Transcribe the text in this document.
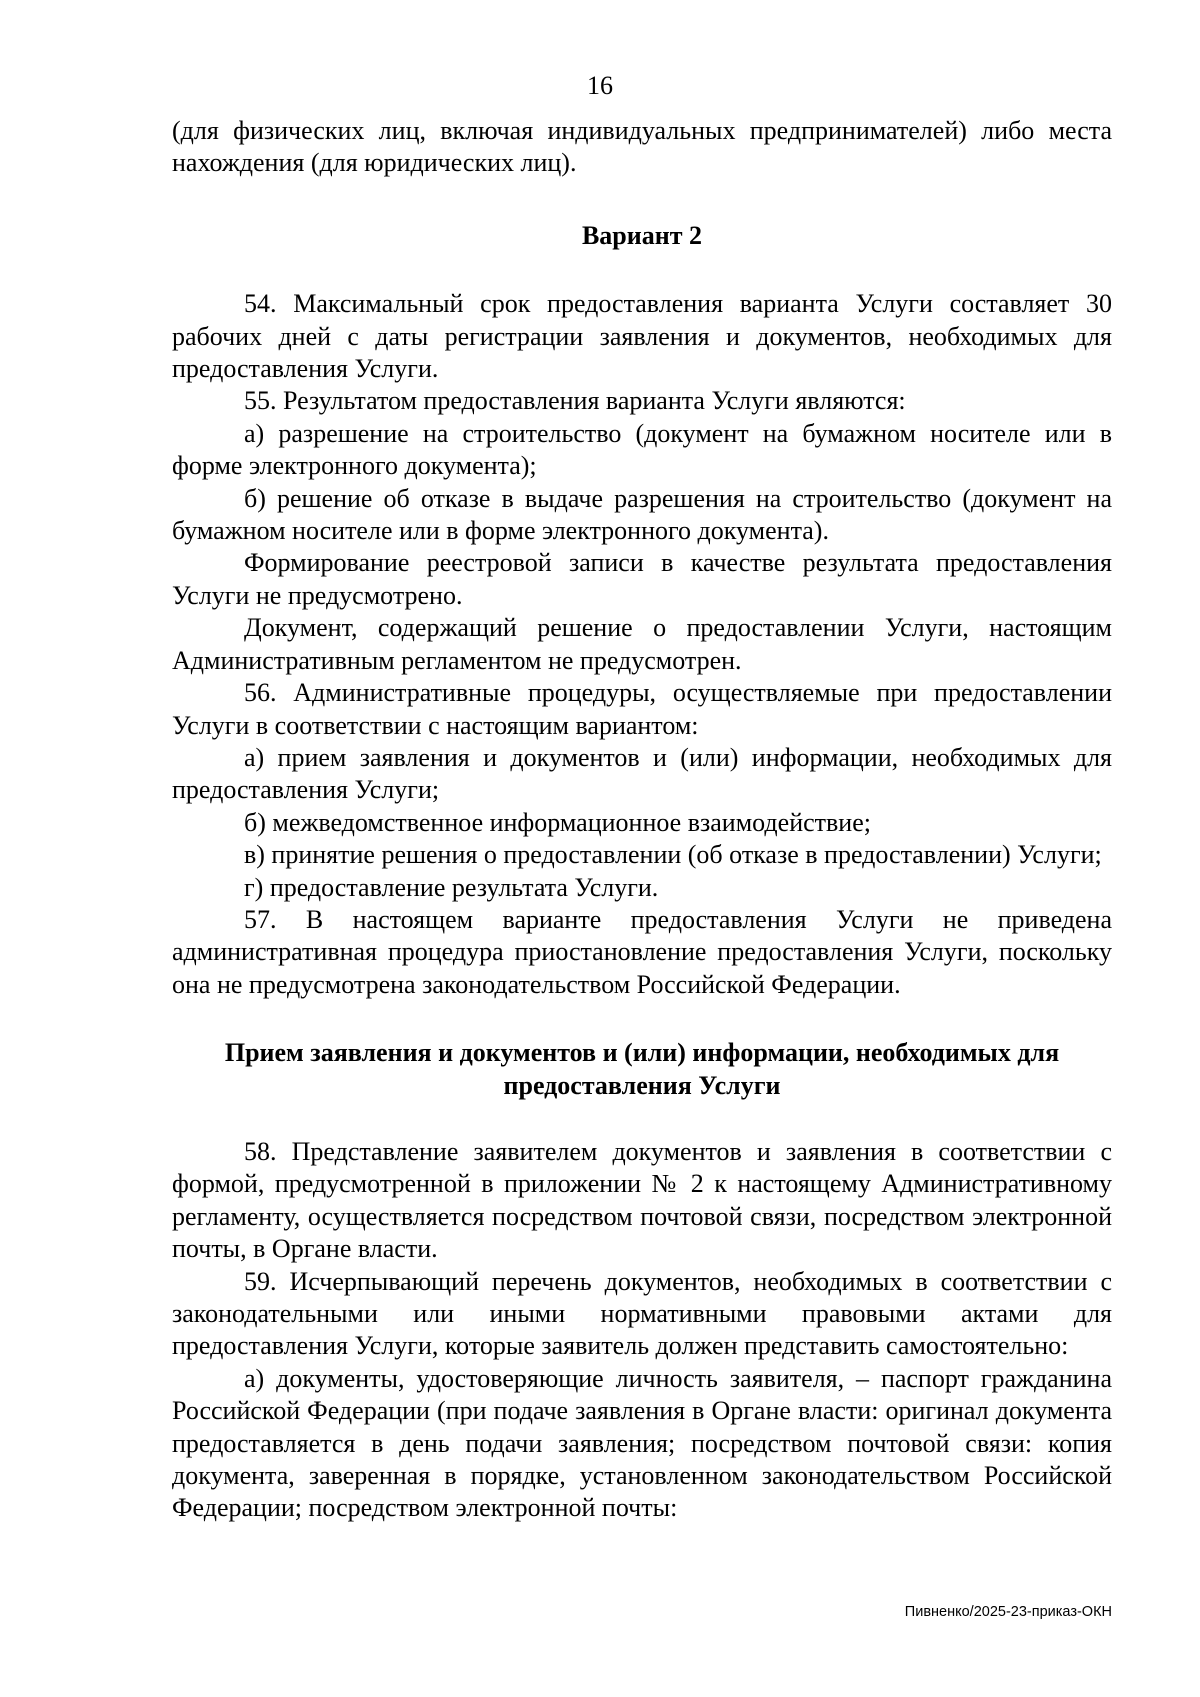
16

(для физических лиц, включая индивидуальных предпринимателей) либо места нахождения (для юридических лиц).

Вариант 2

54. Максимальный срок предоставления варианта Услуги составляет 30 рабочих дней с даты регистрации заявления и документов, необходимых для предоставления Услуги.

55. Результатом предоставления варианта Услуги являются:

а) разрешение на строительство (документ на бумажном носителе или в форме электронного документа);

б) решение об отказе в выдаче разрешения на строительство (документ на бумажном носителе или в форме электронного документа).

Формирование реестровой записи в качестве результата предоставления Услуги не предусмотрено.

Документ, содержащий решение о предоставлении Услуги, настоящим Административным регламентом не предусмотрен.

56. Административные процедуры, осуществляемые при предоставлении Услуги в соответствии с настоящим вариантом:

а) прием заявления и документов и (или) информации, необходимых для предоставления Услуги;

б) межведомственное информационное взаимодействие;

в) принятие решения о предоставлении (об отказе в предоставлении) Услуги;

г) предоставление результата Услуги.

57. В настоящем варианте предоставления Услуги не приведена административная процедура приостановление предоставления Услуги, поскольку она не предусмотрена законодательством Российской Федерации.

Прием заявления и документов и (или) информации, необходимых для предоставления Услуги

58. Представление заявителем документов и заявления в соответствии с формой, предусмотренной в приложении № 2 к настоящему Административному регламенту, осуществляется посредством почтовой связи, посредством электронной почты, в Органе власти.

59. Исчерпывающий перечень документов, необходимых в соответствии с законодательными или иными нормативными правовыми актами для предоставления Услуги, которые заявитель должен представить самостоятельно:

а) документы, удостоверяющие личность заявителя, – паспорт гражданина Российской Федерации (при подаче заявления в Органе власти: оригинал документа предоставляется в день подачи заявления; посредством почтовой связи: копия документа, заверенная в порядке, установленном законодательством Российской Федерации; посредством электронной почты:

Пивненко/2025-23-приказ-ОКН
